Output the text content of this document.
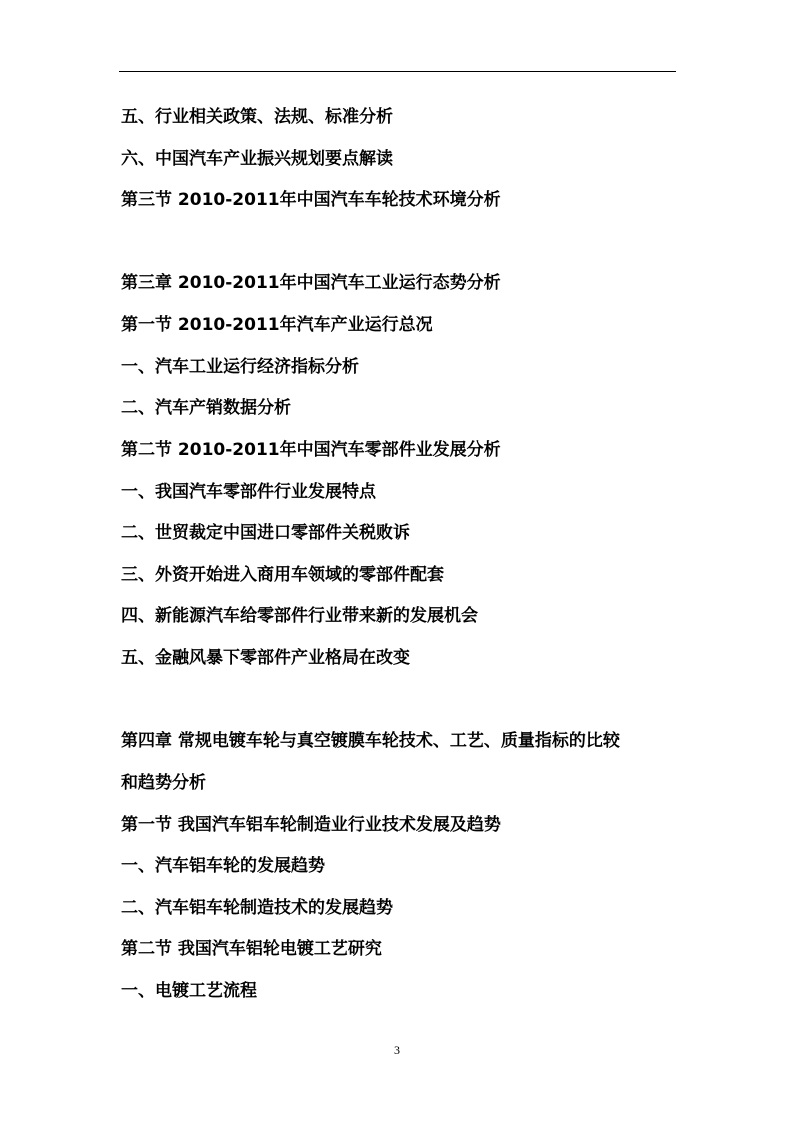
五、行业相关政策、法规、标准分析
六、中国汽车产业振兴规划要点解读
第三节 2010-2011年中国汽车车轮技术环境分析
第三章 2010-2011年中国汽车工业运行态势分析
第一节 2010-2011年汽车产业运行总况
一、汽车工业运行经济指标分析
二、汽车产销数据分析
第二节 2010-2011年中国汽车零部件业发展分析
一、我国汽车零部件行业发展特点
二、世贸裁定中国进口零部件关税败诉
三、外资开始进入商用车领域的零部件配套
四、新能源汽车给零部件行业带来新的发展机会
五、金融风暴下零部件产业格局在改变
第四章 常规电镀车轮与真空镀膜车轮技术、工艺、质量指标的比较
和趋势分析
第一节 我国汽车铝车轮制造业行业技术发展及趋势
一、汽车铝车轮的发展趋势
二、汽车铝车轮制造技术的发展趋势
第二节 我国汽车铝轮电镀工艺研究
一、电镀工艺流程
3
